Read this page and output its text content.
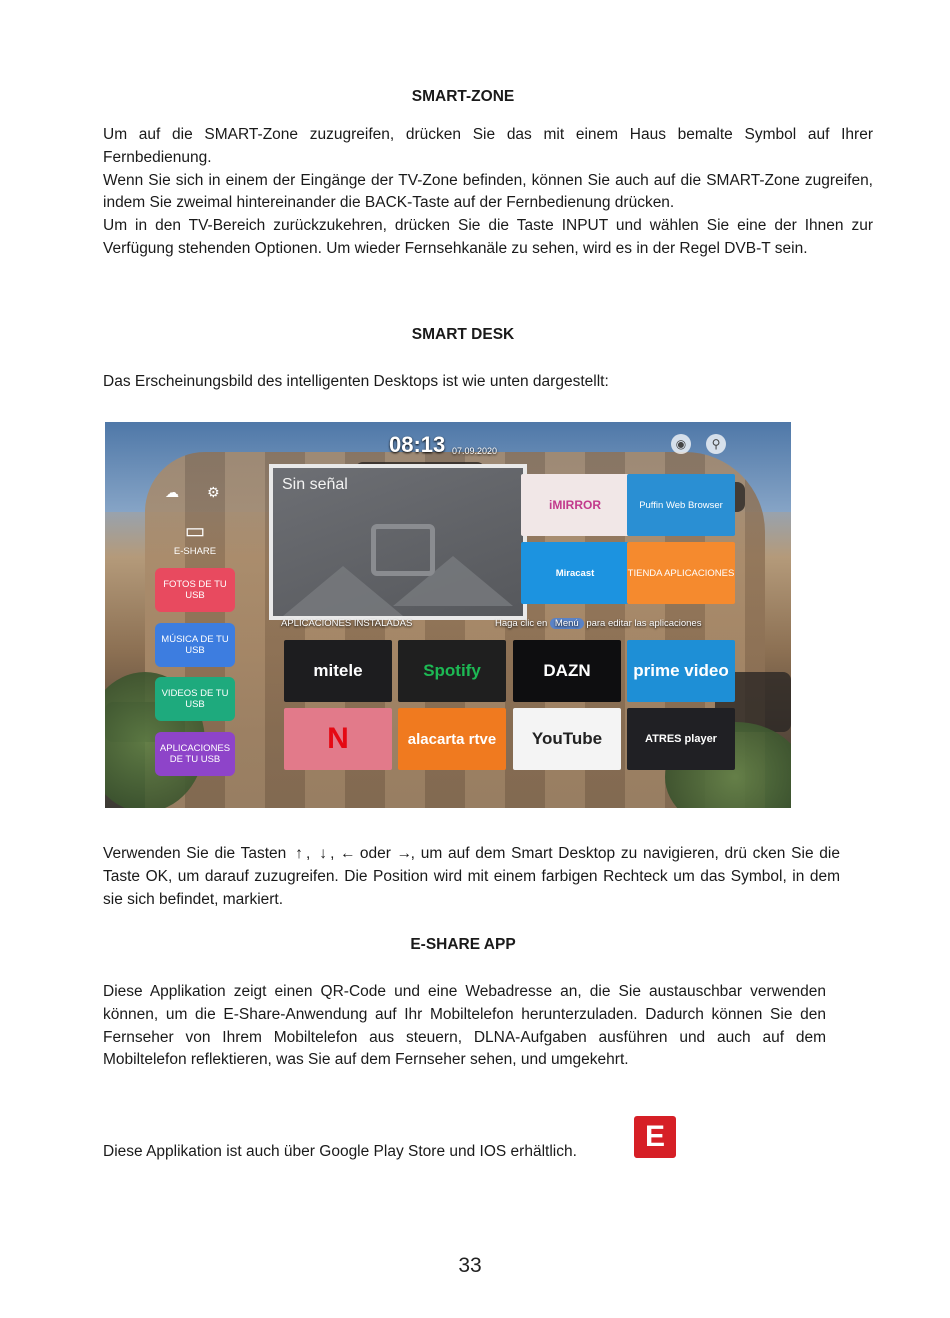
SMART-ZONE

Um auf die SMART-Zone zuzugreifen, drücken Sie das mit einem Haus bemalte Symbol auf Ihrer Fernbedienung.

Wenn Sie sich in einem der Eingänge der TV-Zone befinden, können Sie auch auf die SMART-Zone zugreifen, indem Sie zweimal hintereinander die BACK-Taste auf der Fernbedienung drücken.

Um in den TV-Bereich zurückzukehren, drücken Sie die Taste INPUT und wählen Sie eine der Ihnen zur Verfügung stehenden Optionen. Um wieder Fernsehkanäle zu sehen, wird es in der Regel DVB-T sein.

SMART DESK
Das Erscheinungsbild des intelligenten Desktops ist wie unten dargestellt:
08:13 07.09.2020	◉	⚲
☁ ⚙
▭
E-SHARE
Sin señal
FOTOS DE TU USB
MÚSICA DE TU USB
VIDEOS DE TU USB
APLICACIONES DE TU USB
iMIRROR	Puffin Web Browser
Miracast	TIENDA APLICACIONES
APLICACIONES INSTALADAS	Haga clic en Menú para editar las aplicaciones
mitele	Spotify	DAZN	prime video
N	alacarta rtve YouTube	ATRES player
Verwenden Sie die Tasten ↑ , ↓ , ← oder →, um auf dem Smart Desktop zu navigieren, drü cken Sie die Taste OK, um darauf zuzugreifen. Die Position wird mit einem farbigen Rechteck um das Symbol, in dem sie sich befindet, markiert.
E-SHARE APP
Diese Applikation zeigt einen QR-Code und eine Webadresse an, die Sie austauschbar verwenden können, um die E-Share-Anwendung auf Ihr Mobiltelefon herunterzuladen. Dadurch können Sie den Fernseher von Ihrem Mobiltelefon aus steuern, DLNA-Aufgaben ausführen und auch auf dem Mobiltelefon reflektieren, was Sie auf dem Fernseher sehen, und umgekehrt.
Diese Applikation ist auch über Google Play Store und IOS erhältlich.	E
33
